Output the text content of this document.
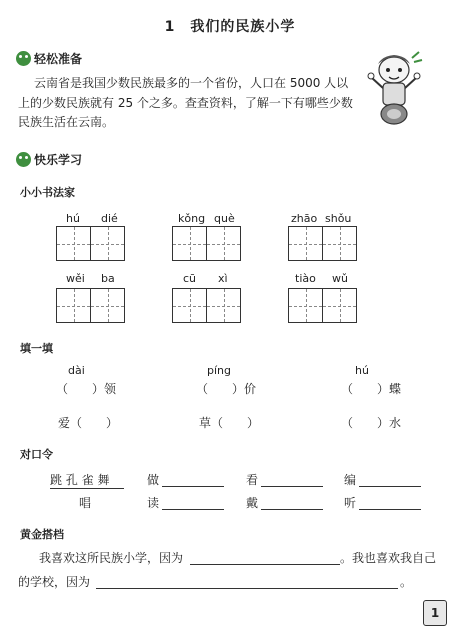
1　我们的民族小学
轻松准备
云南省是我国少数民族最多的一个省份，人口在 5000 人以
上的少数民族就有 25 个之多。查查资料，了解一下有哪些少数
民族生活在云南。
快乐学习
小小书法家
hú dié	kǒng què	zhāo shǒu
wěi ba	cū xì	tiào wǔ
填一填
dài	píng	hú
（　　）领	（　　）价	（　　）蝶
爱（　　）	草（　　）	（　　）水
对口令
跳 孔 雀 舞	做	看	编
唱	读	戴	听
黄金搭档
我喜欢这所民族小学，因为	。我也喜欢我自己
的学校，因为	。
1
